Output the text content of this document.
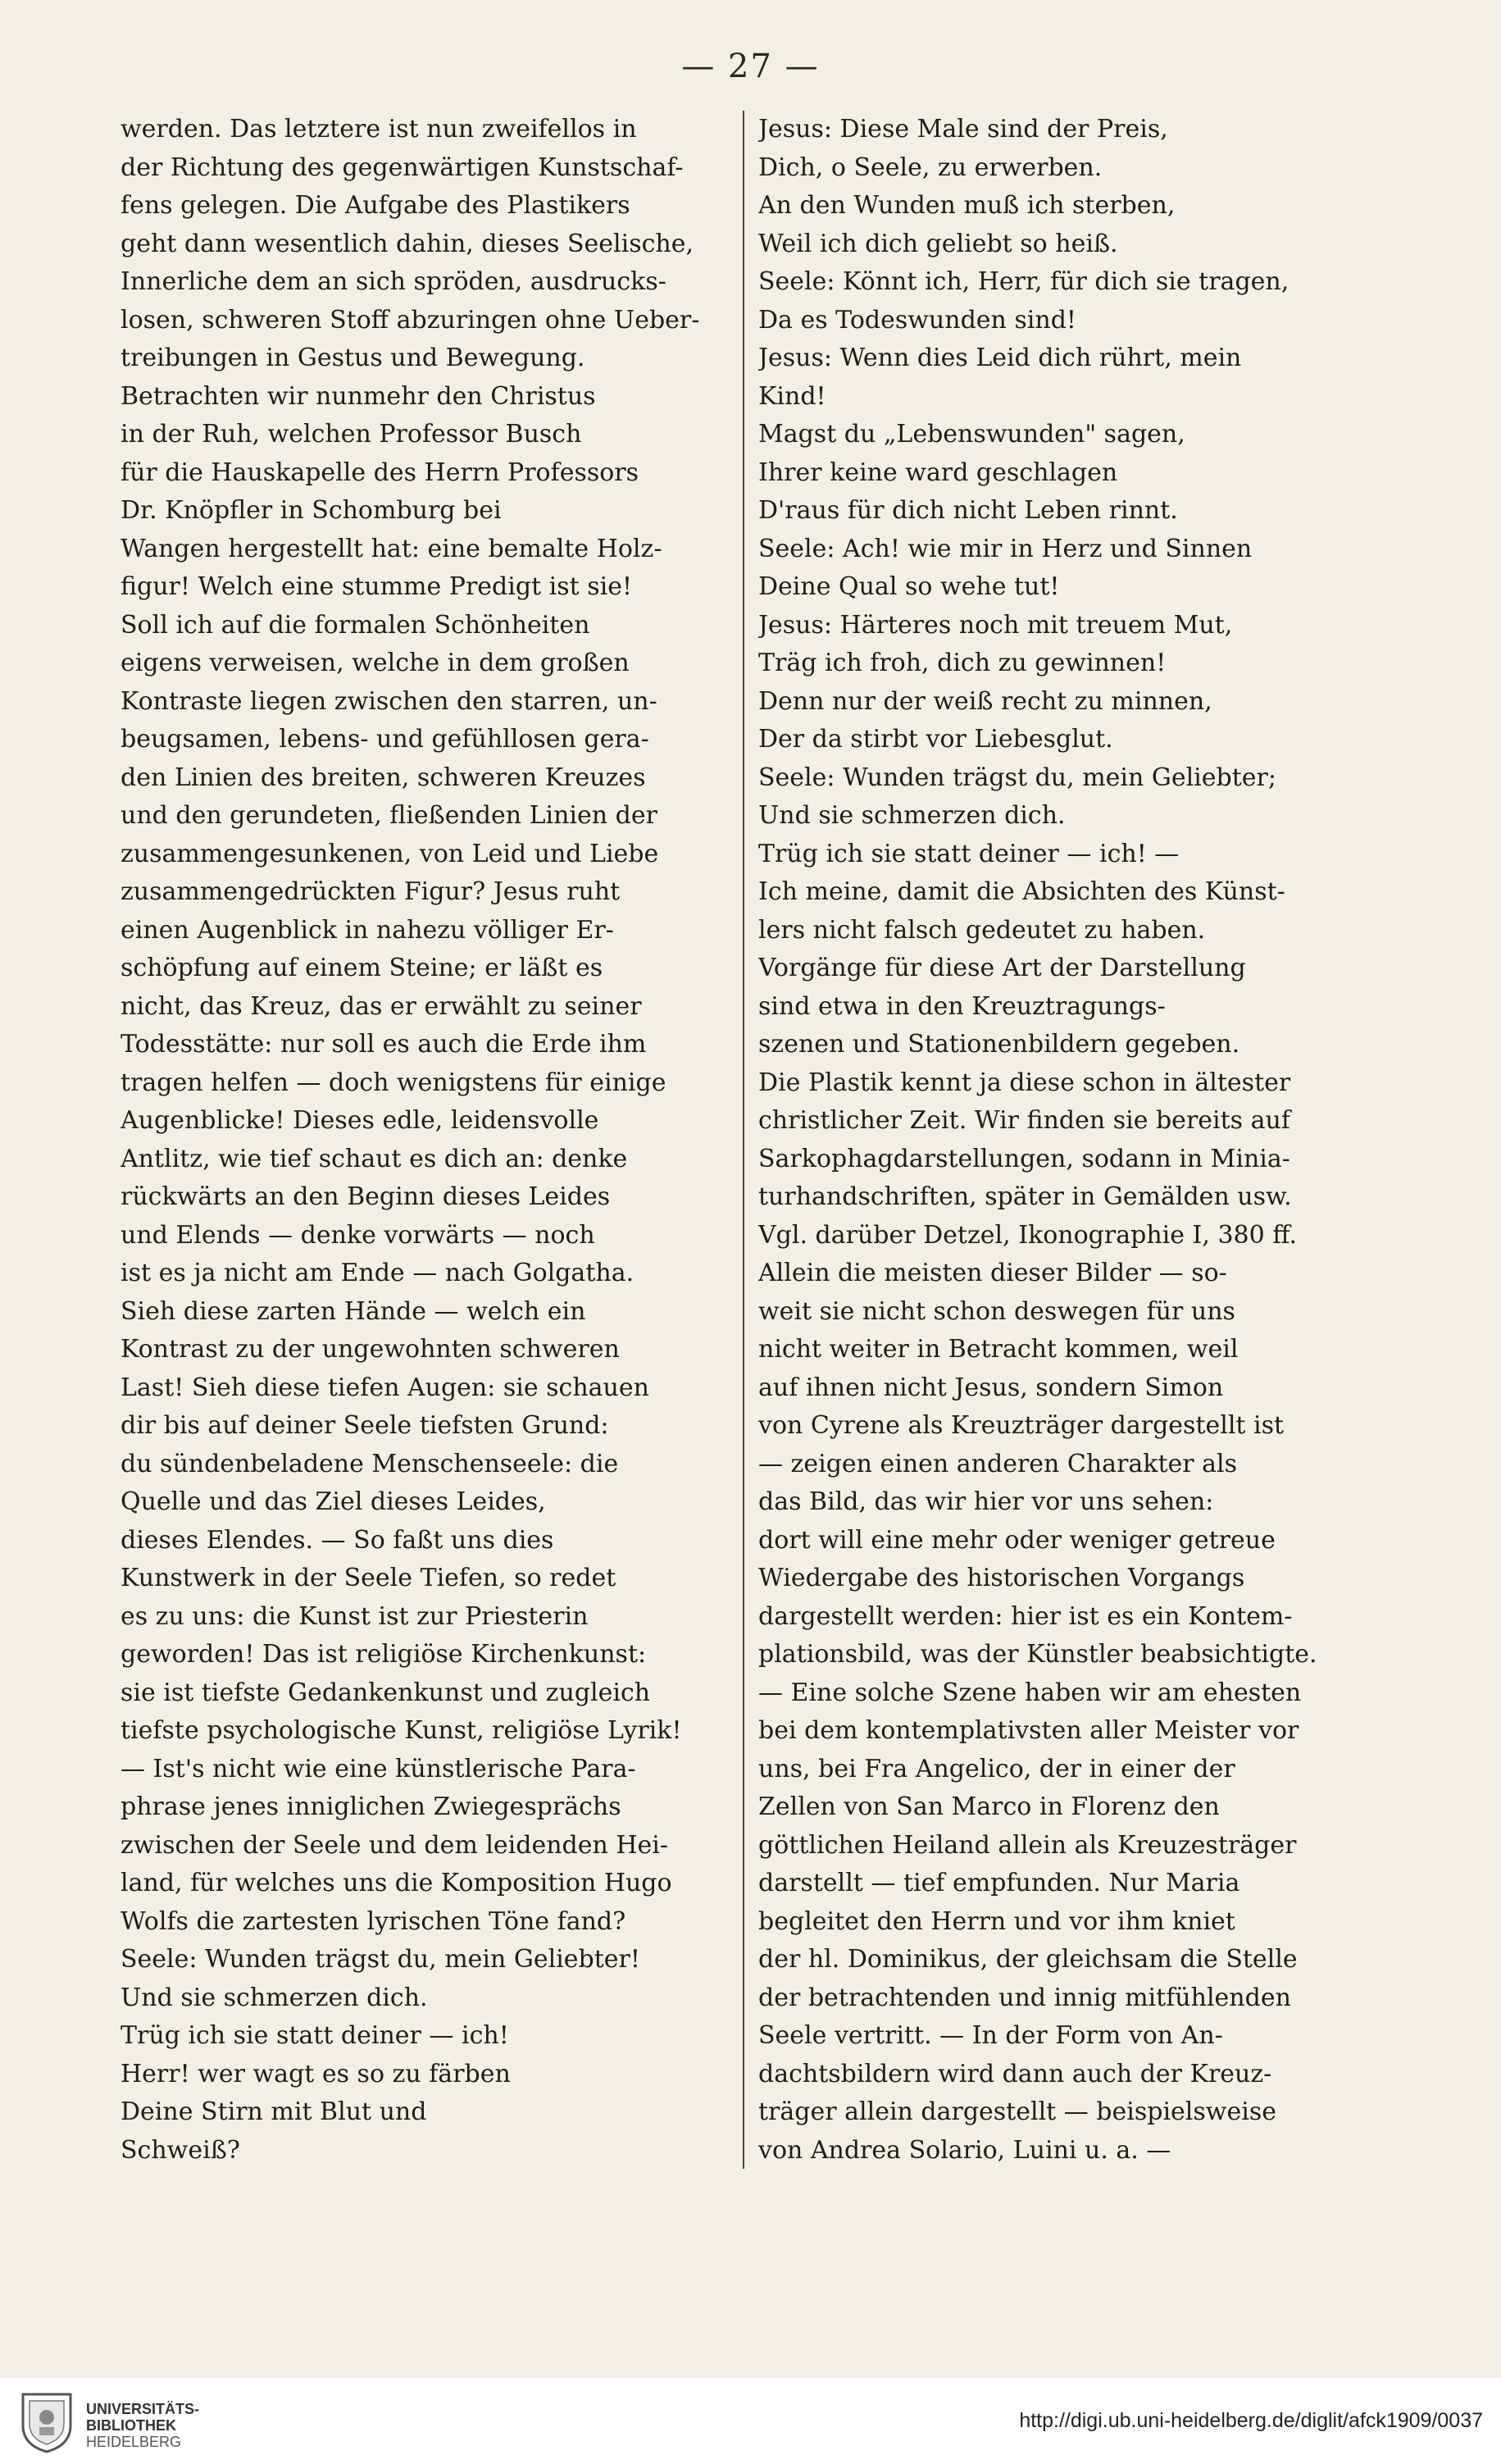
— 27 —
werden. Das letztere ist nun zweifellos in
der Richtung des gegenwärtigen Kunstschaf-
fens gelegen. Die Aufgabe des Plastikers
geht dann wesentlich dahin, dieses Seelische,
Innerliche dem an sich spröden, ausdrucks-
losen, schweren Stoff abzuringen ohne Ueber-
treibungen in Gestus und Bewegung.
Betrachten wir nunmehr den Christus
in der Ruh, welchen Professor Busch
für die Hauskapelle des Herrn Professors
Dr. Knöpfler in Schomburg bei
Wangen hergestellt hat: eine bemalte Holz-
figur! Welch eine stumme Predigt ist sie!
Soll ich auf die formalen Schönheiten
eigens verweisen, welche in dem großen
Kontraste liegen zwischen den starren, un-
beugsamen, lebens- und gefühllosen gera-
den Linien des breiten, schweren Kreuzes
und den gerundeten, fließenden Linien der
zusammengesunkenen, von Leid und Liebe
zusammengedrückten Figur? Jesus ruht
einen Augenblick in nahezu völliger Er-
schöpfung auf einem Steine; er läßt es
nicht, das Kreuz, das er erwählt zu seiner
Todesstätte: nur soll es auch die Erde ihm
tragen helfen — doch wenigstens für einige
Augenblicke! Dieses edle, leidensvolle
Antlitz, wie tief schaut es dich an: denke
rückwärts an den Beginn dieses Leides
und Elends — denke vorwärts — noch
ist es ja nicht am Ende — nach Golgatha.
Sieh diese zarten Hände — welch ein
Kontrast zu der ungewohnten schweren
Last! Sieh diese tiefen Augen: sie schauen
dir bis auf deiner Seele tiefsten Grund:
du sündenbeladene Menschenseele: die
Quelle und das Ziel dieses Leides,
dieses Elendes. — So faßt uns dies
Kunstwerk in der Seele Tiefen, so redet
es zu uns: die Kunst ist zur Priesterin
geworden! Das ist religiöse Kirchenkunst:
sie ist tiefste Gedankenkunst und zugleich
tiefste psychologische Kunst, religiöse Lyrik!
— Ist's nicht wie eine künstlerische Para-
phrase jenes inniglichen Zwiegesprächs
zwischen der Seele und dem leidenden Hei-
land, für welches uns die Komposition Hugo
Wolfs die zartesten lyrischen Töne fand?
Seele: Wunden trägst du, mein Geliebter!
Und sie schmerzen dich.
Trüg ich sie statt deiner — ich!
Herr! wer wagt es so zu färben
Deine Stirn mit Blut und
Schweiß?
Jesus: Diese Male sind der Preis,
Dich, o Seele, zu erwerben.
An den Wunden muß ich sterben,
Weil ich dich geliebt so heiß.
Seele: Könnt ich, Herr, für dich sie tragen,
Da es Todeswunden sind!
Jesus: Wenn dies Leid dich rührt, mein
Kind!
Magst du „Lebenswunden" sagen,
Ihrer keine ward geschlagen
D'raus für dich nicht Leben rinnt.
Seele: Ach! wie mir in Herz und Sinnen
Deine Qual so wehe tut!
Jesus: Härteres noch mit treuem Mut,
Träg ich froh, dich zu gewinnen!
Denn nur der weiß recht zu minnen,
Der da stirbt vor Liebesglut.
Seele: Wunden trägst du, mein Geliebter;
Und sie schmerzen dich.
Trüg ich sie statt deiner — ich! —
Ich meine, damit die Absichten des Künst-
lers nicht falsch gedeutet zu haben.
Vorgänge für diese Art der Darstellung
sind etwa in den Kreuztragungs-
szenen und Stationenbildern gegeben.
Die Plastik kennt ja diese schon in ältester
christlicher Zeit. Wir finden sie bereits auf
Sarkophagdarstellungen, sodann in Minia-
turhandschriften, später in Gemälden usw.
Vgl. darüber Detzel, Ikonographie I, 380 ff.
Allein die meisten dieser Bilder — so-
weit sie nicht schon deswegen für uns
nicht weiter in Betracht kommen, weil
auf ihnen nicht Jesus, sondern Simon
von Cyrene als Kreuzträger dargestellt ist
— zeigen einen anderen Charakter als
das Bild, das wir hier vor uns sehen:
dort will eine mehr oder weniger getreue
Wiedergabe des historischen Vorgangs
dargestellt werden: hier ist es ein Kontem-
plationsbild, was der Künstler beabsichtigte.
— Eine solche Szene haben wir am ehesten
bei dem kontemplativsten aller Meister vor
uns, bei Fra Angelico, der in einer der
Zellen von San Marco in Florenz den
göttlichen Heiland allein als Kreuzesträger
darstellt — tief empfunden. Nur Maria
begleitet den Herrn und vor ihm kniet
der hl. Dominikus, der gleichsam die Stelle
der betrachtenden und innig mitfühlenden
Seele vertritt. — In der Form von An-
dachtsbildern wird dann auch der Kreuz-
träger allein dargestellt — beispielsweise
von Andrea Solario, Luini u. a. —
UNIVERSITÄTS-
BIBLIOTHEK
HEIDELBERG
http://digi.ub.uni-heidelberg.de/diglit/afck1909/0037
